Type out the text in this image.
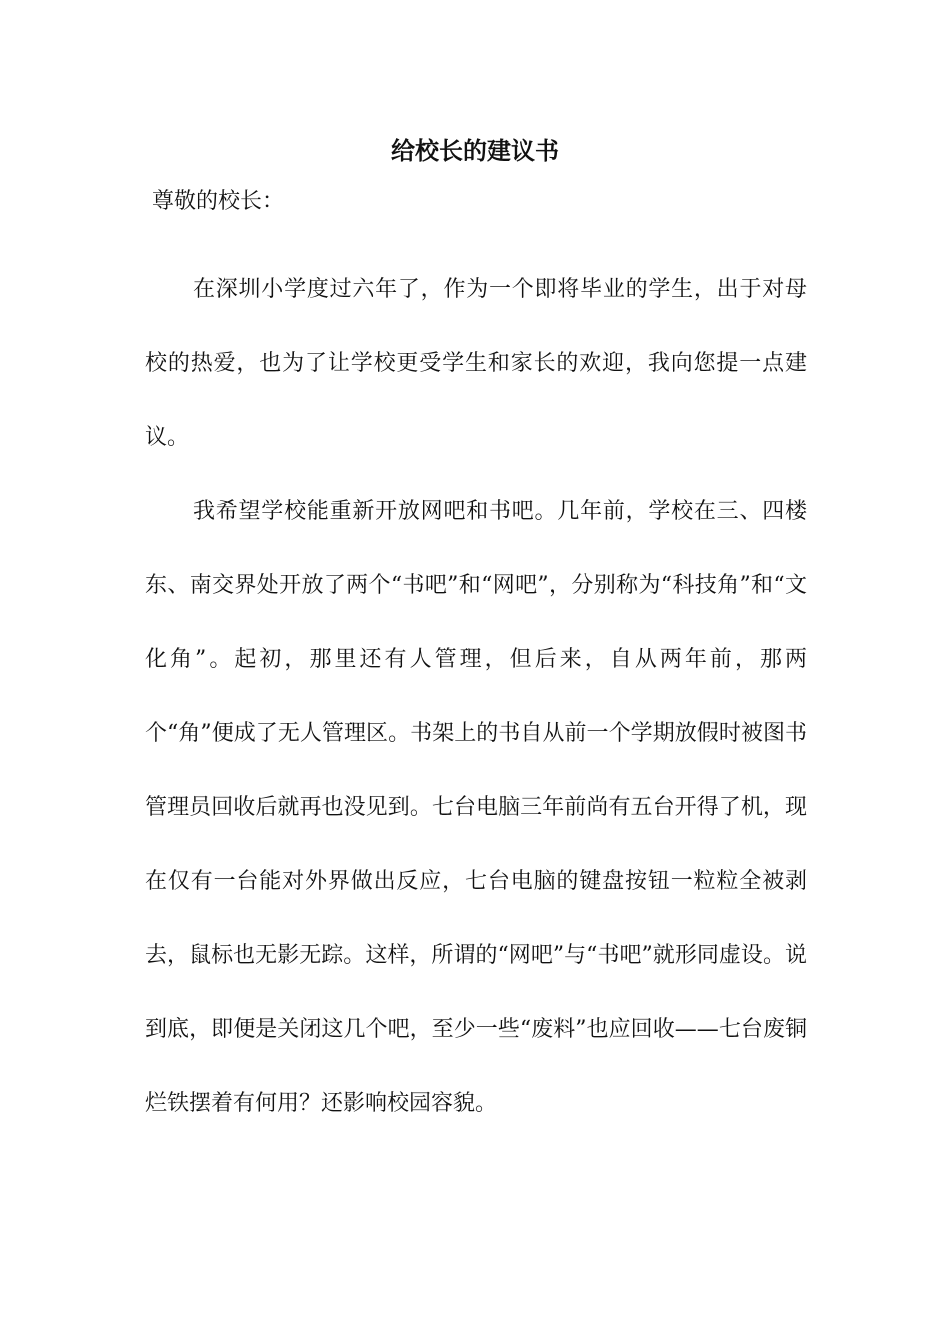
给校长的建议书
尊敬的校长：

在深圳小学度过六年了，作为一个即将毕业的学生，出于对母校的热爱，也为了让学校更受学生和家长的欢迎，我向您提一点建议。

我希望学校能重新开放网吧和书吧。几年前，学校在三、四楼东、南交界处开放了两个“书吧”和“网吧”，分别称为“科技角”和“文化角”。起初，那里还有人管理，但后来，自从两年前，那两个“角”便成了无人管理区。书架上的书自从前一个学期放假时被图书管理员回收后就再也没见到。七台电脑三年前尚有五台开得了机，现在仅有一台能对外界做出反应，七台电脑的键盘按钮一粒粒全被剥去，鼠标也无影无踪。这样，所谓的“网吧”与“书吧”就形同虚设。说到底，即便是关闭这几个吧，至少一些“废料”也应回收——七台废铜烂铁摆着有何用？还影响校园容貌。
